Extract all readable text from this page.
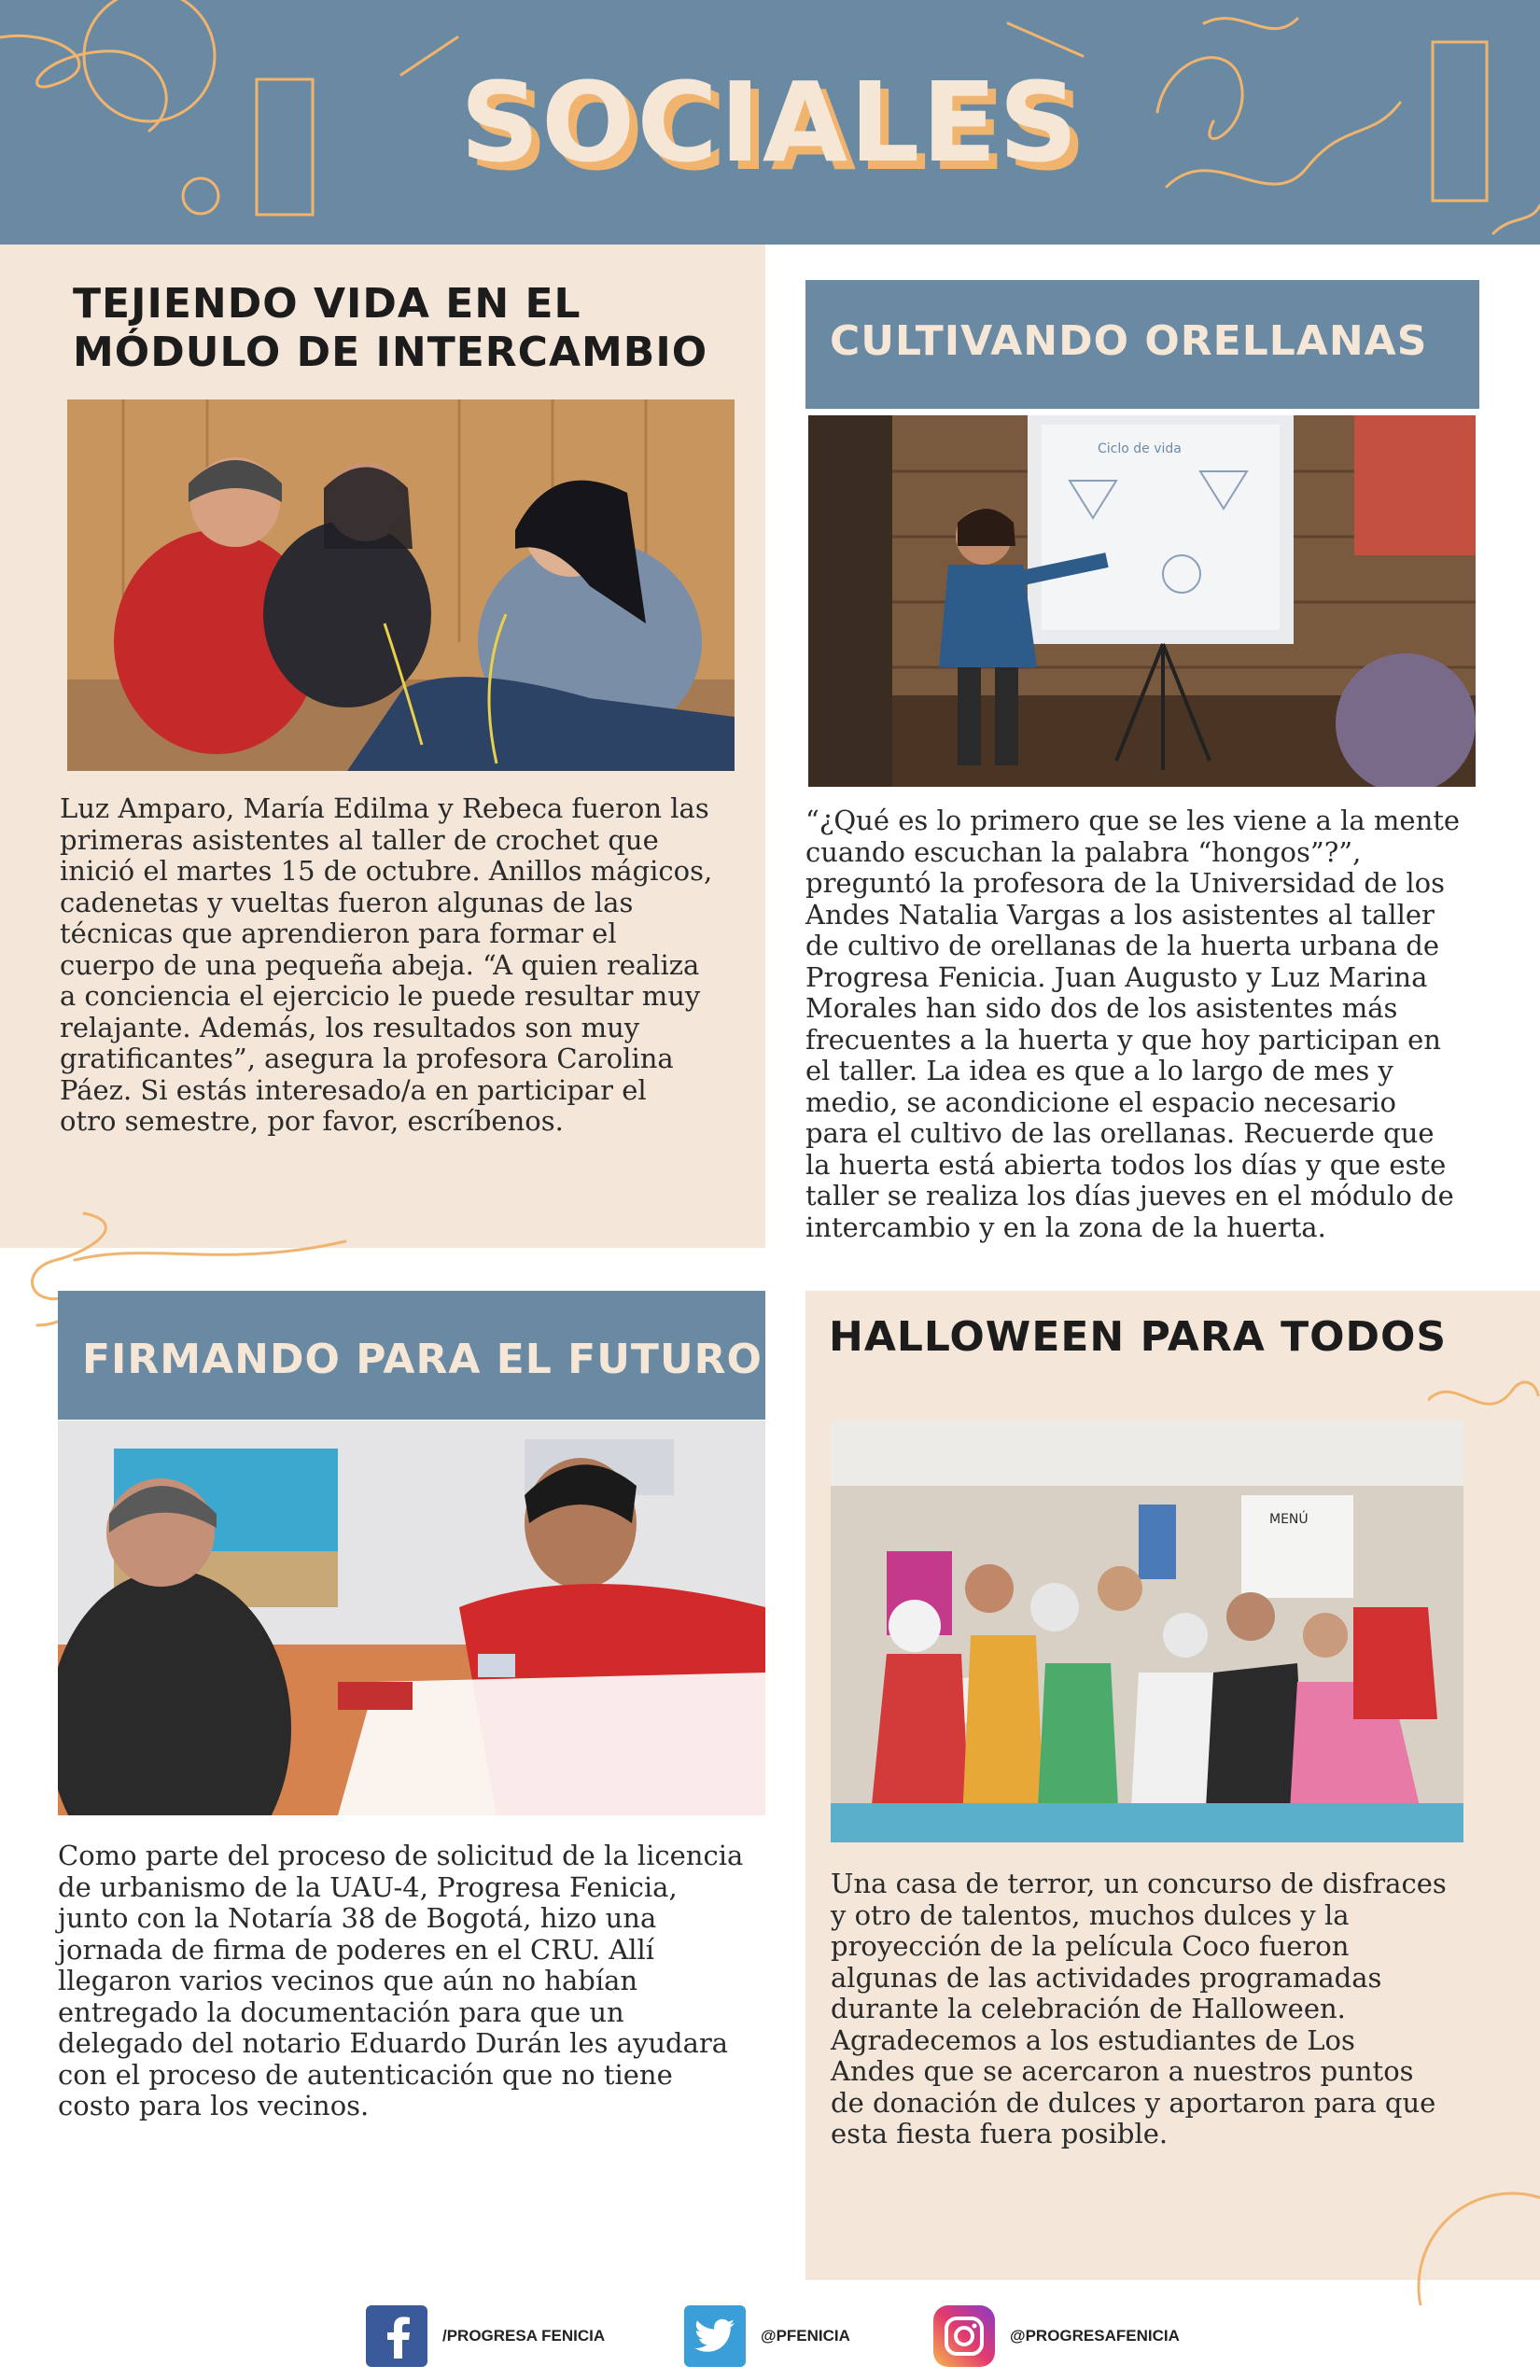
SOCIALES
TEJIENDO VIDA EN EL
MÓDULO DE INTERCAMBIO
Luz Amparo, María Edilma y Rebeca fueron las
primeras asistentes al taller de crochet que
inició el martes 15 de octubre. Anillos mágicos,
cadenetas y vueltas fueron algunas de las
técnicas que aprendieron para formar el
cuerpo de una pequeña abeja. “A quien realiza
a conciencia el ejercicio le puede resultar muy
relajante. Además, los resultados son muy
gratificantes”, asegura la profesora Carolina
Páez. Si estás interesado/a en participar el
otro semestre, por favor, escríbenos.
CULTIVANDO ORELLANAS
Ciclo de vida
“¿Qué es lo primero que se les viene a la mente
cuando escuchan la palabra “hongos”?”,
preguntó la profesora de la Universidad de los
Andes Natalia Vargas a los asistentes al taller
de cultivo de orellanas de la huerta urbana de
Progresa Fenicia. Juan Augusto y Luz Marina
Morales han sido dos de los asistentes más
frecuentes a la huerta y que hoy participan en
el taller. La idea es que a lo largo de mes y
medio, se acondicione el espacio necesario
para el cultivo de las orellanas. Recuerde que
la huerta está abierta todos los días y que este
taller se realiza los días jueves en el módulo de
intercambio y en la zona de la huerta.
FIRMANDO PARA EL FUTURO
Como parte del proceso de solicitud de la licencia
de urbanismo de la UAU-4, Progresa Fenicia,
junto con la Notaría 38 de Bogotá, hizo una
jornada de firma de poderes en el CRU. Allí
llegaron varios vecinos que aún no habían
entregado la documentación para que un
delegado del notario Eduardo Durán les ayudara
con el proceso de autenticación que no tiene
costo para los vecinos.
HALLOWEEN PARA TODOS
MENÚ
Una casa de terror, un concurso de disfraces
y otro de talentos, muchos dulces y la
proyección de la película Coco fueron
algunas de las actividades programadas
durante la celebración de Halloween.
Agradecemos a los estudiantes de Los
Andes que se acercaron a nuestros puntos
de donación de dulces y aportaron para que
esta fiesta fuera posible.
/PROGRESA FENICIA	@PFENICIA	@PROGRESAFENICIA
